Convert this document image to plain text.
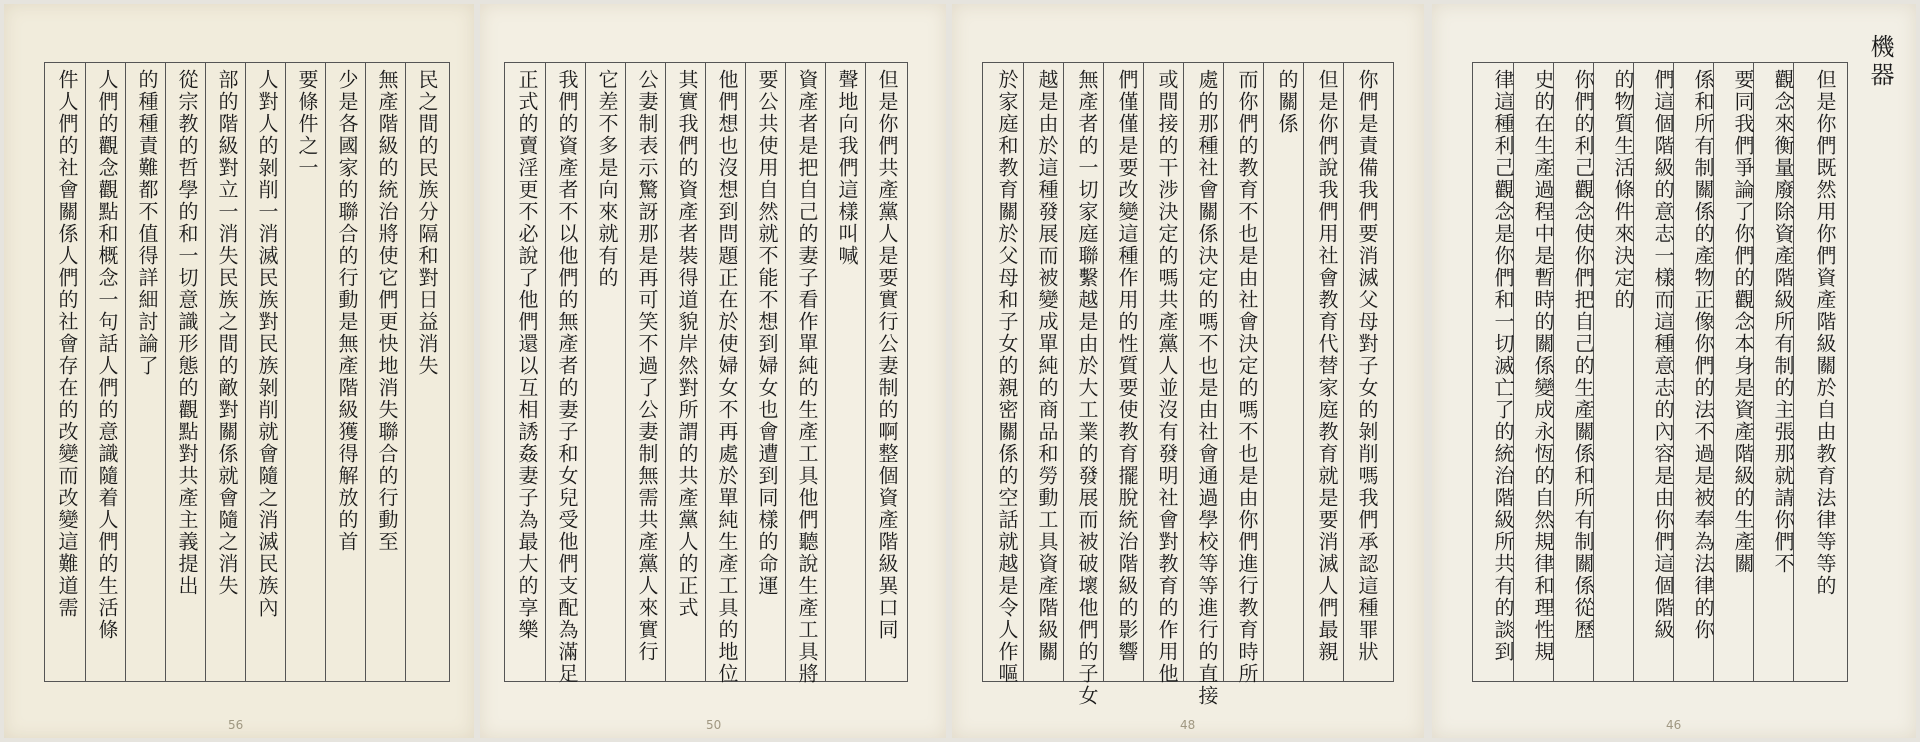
民之間的民族分隔和對日益消失
無產階級的統治將使它們更快地消失聯合的行動至
少是各國家的聯合的行動是無產階級獲得解放的首
要條件之一
人對人的剝削一消滅民族對民族剝削就會隨之消滅民族內
部的階級對立一消失民族之間的敵對關係就會隨之消失
從宗教的哲學的和一切意識形態的觀點對共產主義提出
的種種責難都不值得詳細討論了
人們的觀念觀點和概念一句話人們的意識隨着人們的生活條
件人們的社會關係人們的社會存在的改變而改變這難道需
56
但是你們共產黨人是要實行公妻制的啊整個資產階級異口同
聲地向我們這樣叫喊
資產者是把自己的妻子看作單純的生產工具他們聽說生產工具將
要公共使用自然就不能不想到婦女也會遭到同樣的命運
他們想也沒想到問題正在於使婦女不再處於單純生產工具的地位
其實我們的資產者裝得道貌岸然對所謂的共產黨人的正式
公妻制表示驚訝那是再可笑不過了公妻制無需共產黨人來實行
它差不多是向來就有的
我們的資產者不以他們的無產者的妻子和女兒受他們支配為滿足
正式的賣淫更不必說了他們還以互相誘姦妻子為最大的享樂
50
你們是責備我們要消滅父母對子女的剝削嗎我們承認這種罪狀
但是你們說我們用社會教育代替家庭教育就是要消滅人們最親
的關係
而你們的教育不也是由社會決定的嗎不也是由你們進行教育時所
處的那種社會關係決定的嗎不也是由社會通過學校等等進行的直接
或間接的干涉決定的嗎共產黨人並沒有發明社會對教育的作用他
們僅僅是要改變這種作用的性質要使教育擺脫統治階級的影響
無產者的一切家庭聯繫越是由於大工業的發展而被破壞他們的子女
越是由於這種發展而被變成單純的商品和勞動工具資產階級關
於家庭和教育關於父母和子女的親密關係的空話就越是令人作嘔
48
機器
但是你們既然用你們資產階級關於自由教育法律等等的
觀念來衡量廢除資產階級所有制的主張那就請你們不
要同我們爭論了你們的觀念本身是資產階級的生產關
係和所有制關係的產物正像你們的法不過是被奉為法律的你
們這個階級的意志一樣而這種意志的內容是由你們這個階級
的物質生活條件來決定的
你們的利己觀念使你們把自己的生產關係和所有制關係從歷
史的在生產過程中是暫時的關係變成永恆的自然規律和理性規
律這種利己觀念是你們和一切滅亡了的統治階級所共有的談到
46
